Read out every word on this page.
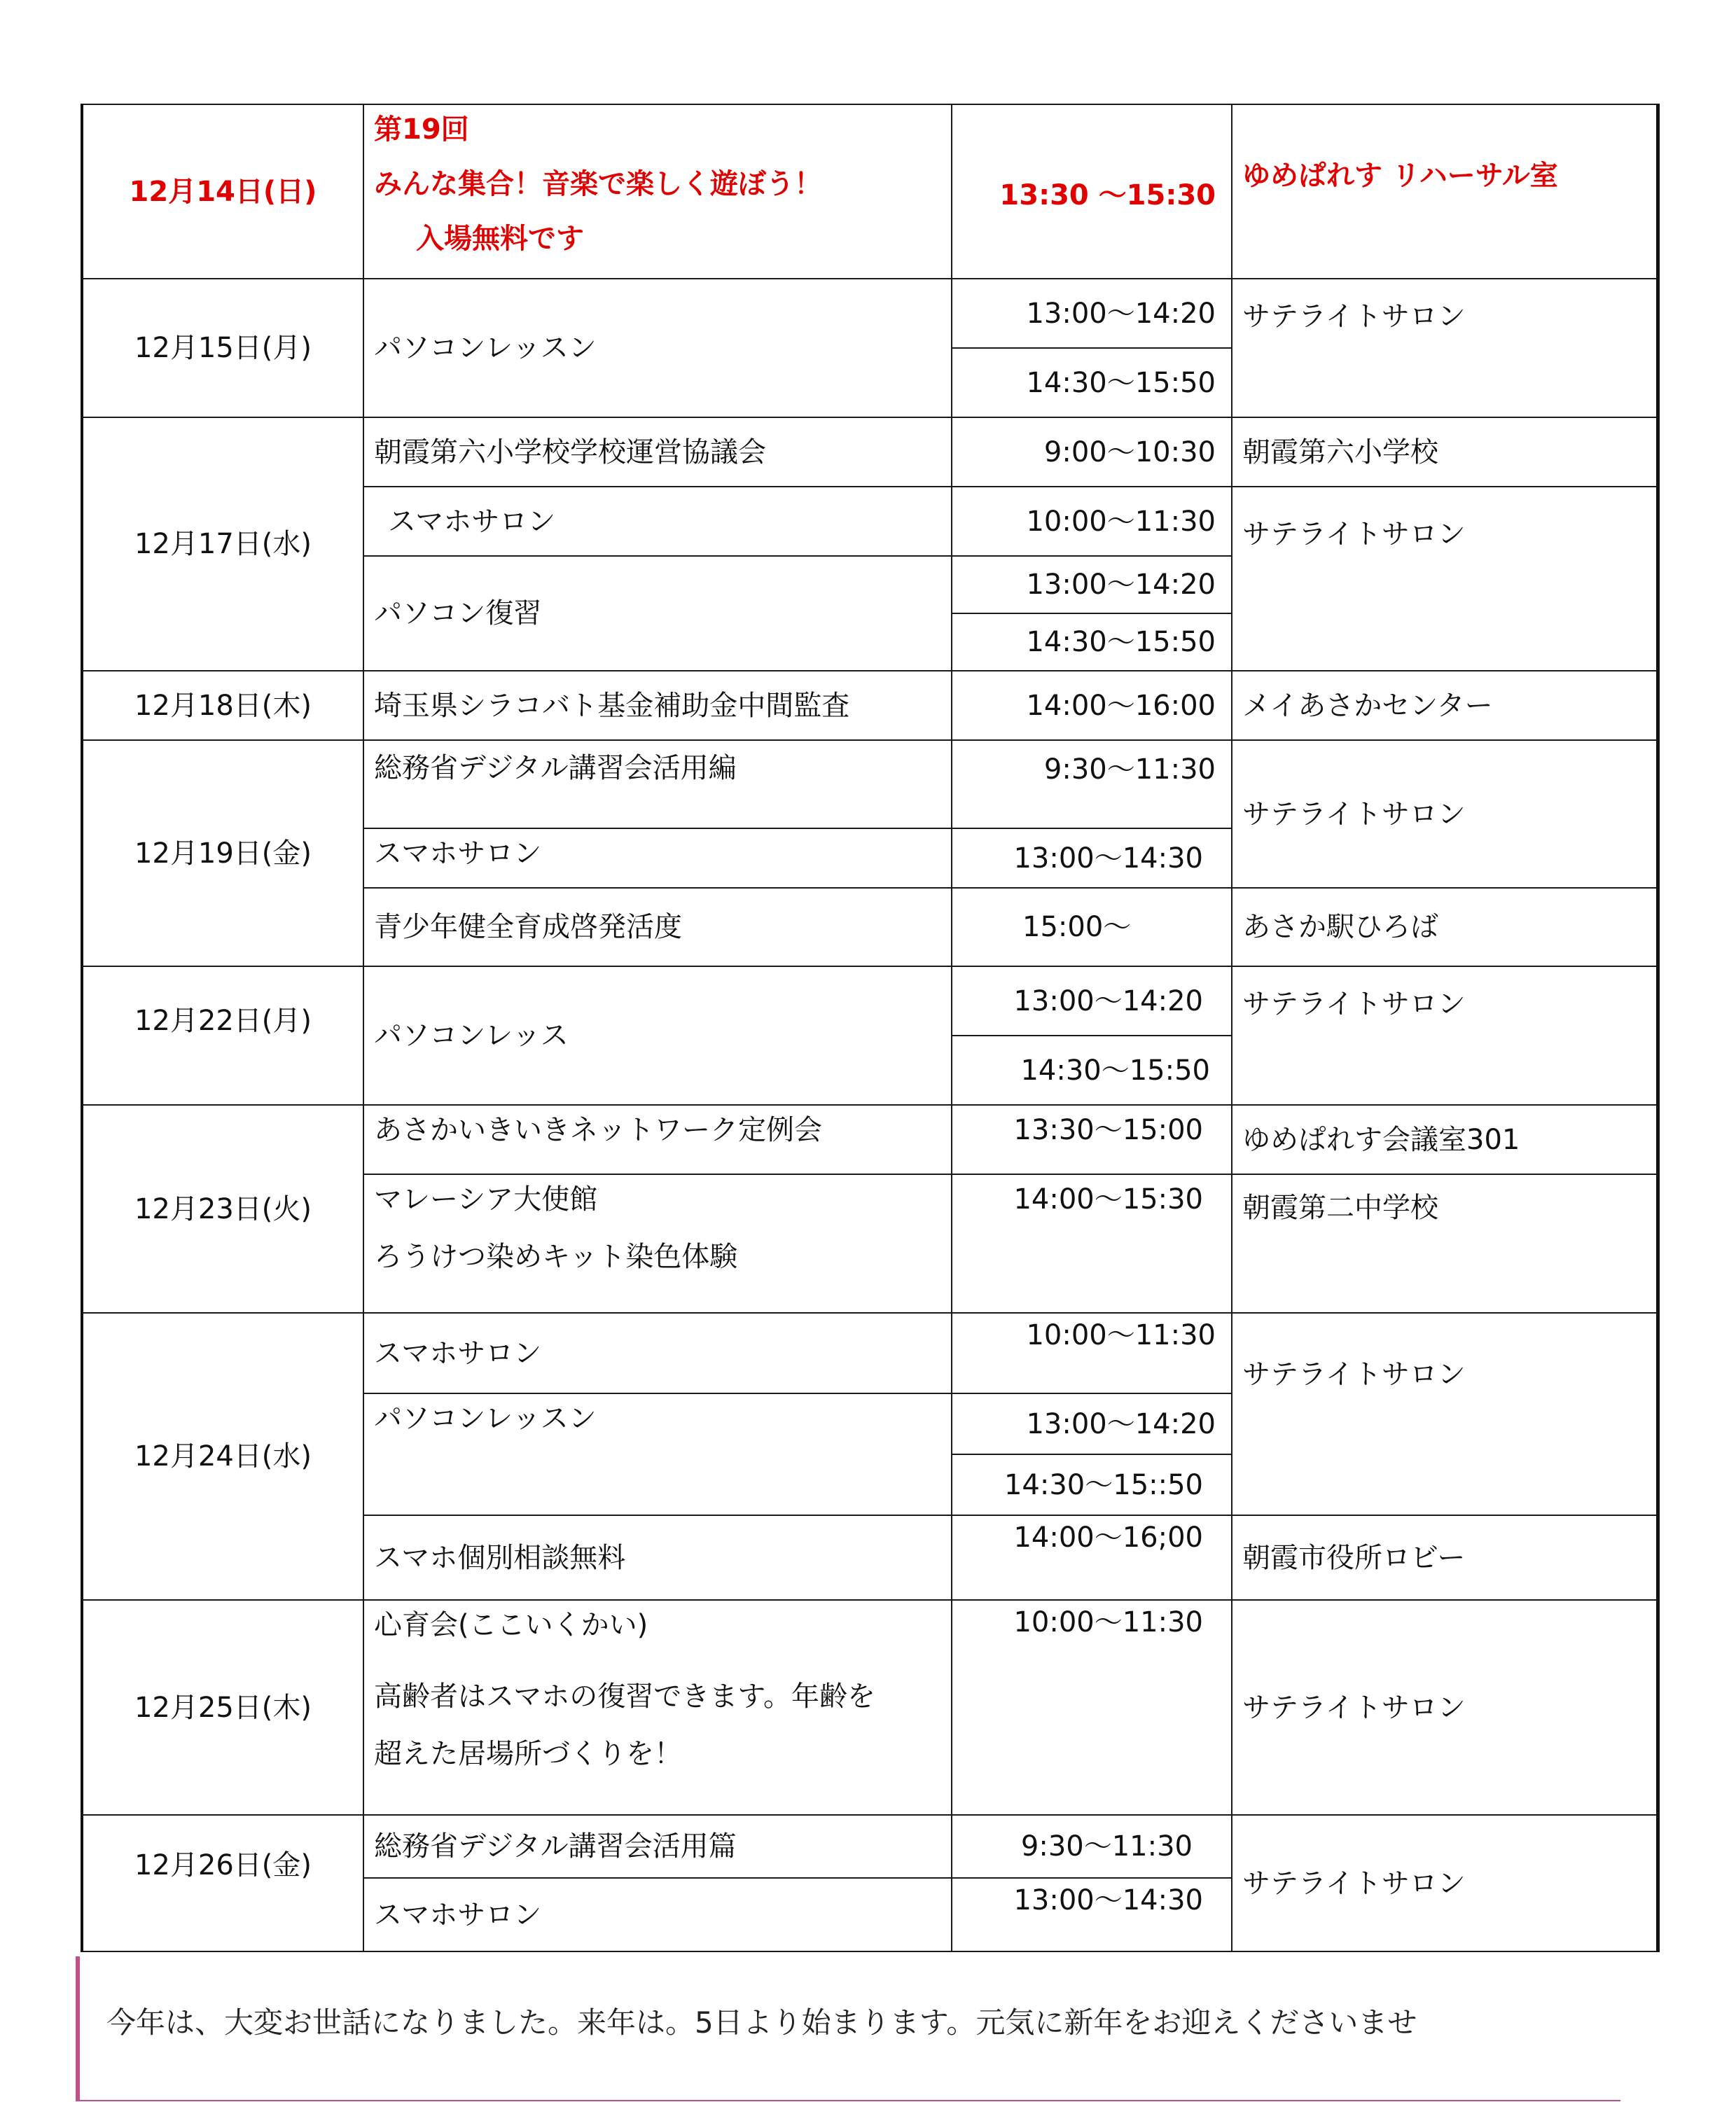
12月14日(日)	第19回
みんな集合！音楽で楽しく遊ぼう！
入場無料です	13:30 ～15:30	ゆめぱれす リハーサル室
12月15日(月)	パソコンレッスン	13:00～14:20	サテライトサロン
		14:30～15:50	
12月17日(水)	朝霞第六小学校学校運営協議会	9:00～10:30	朝霞第六小学校
	スマホサロン	10:00～11:30	サテライトサロン
	パソコン復習	13:00～14:20	
		14:30～15:50	

12月18日(木)	埼玉県シラコバト基金補助金中間監査	14:00～16:00	メイあさかセンター
12月19日(金)	総務省デジタル講習会活用編	9:30～11:30	サテライトサロン
	スマホサロン	13:00～14:30	
	青少年健全育成啓発活度	15:00～	あさか駅ひろば
12月22日(月)	パソコンレッス	13:00～14:20	サテライトサロン
		14:30～15:50	
12月23日(火)	あさかいきいきネットワーク定例会	13:30～15:00	ゆめぱれす会議室301

	マレーシア大使館
ろうけつ染めキット染色体験	14:00～15:30	朝霞第二中学校
12月24日(水)	スマホサロン	10:00～11:30	サテライトサロン
	パソコンレッスン	13:00～14:20	
		14:30～15::50	
	スマホ個別相談無料	14:00～16;00	朝霞市役所ロビー
12月25日(木)	心育会(ここいくかい)
高齢者はスマホの復習できます。年齢を
超えた居場所づくりを！	10:00～11:30	サテライトサロン
12月26日(金)	総務省デジタル講習会活用篇	9:30～11:30	サテライトサロン
	スマホサロン	13:00～14:30	
今年は、大変お世話になりました。来年は。5日より始まります。元気に新年をお迎えくださいませ
